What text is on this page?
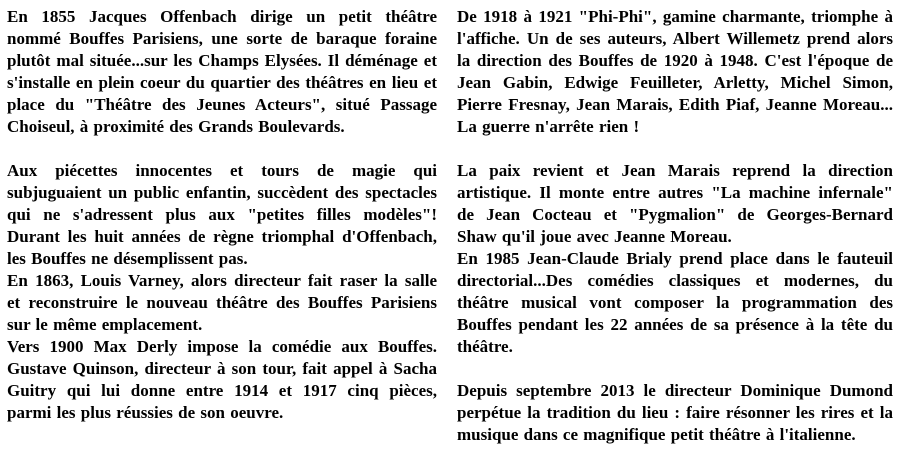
En 1855 Jacques Offenbach dirige un petit théâtre nommé Bouffes Parisiens, une sorte de baraque foraine plutôt mal située...sur les Champs Elysées. Il déménage et s'installe en plein coeur du quartier des théâtres en lieu et place du "Théâtre des Jeunes Acteurs", situé Passage Choiseul, à proximité des Grands Boulevards.

Aux piécettes innocentes et tours de magie qui subjuguaient un public enfantin, succèdent des spectacles qui ne s'adressent plus aux "petites filles modèles"! Durant les huit années de règne triomphal d'Offenbach, les Bouffes ne désemplissent pas.

En 1863, Louis Varney, alors directeur fait raser la salle et reconstruire le nouveau théâtre des Bouffes Parisiens sur le même emplacement.

Vers 1900 Max Derly impose la comédie aux Bouffes. Gustave Quinson, directeur à son tour, fait appel à Sacha Guitry qui lui donne entre 1914 et 1917 cinq pièces, parmi les plus réussies de son oeuvre.

De 1918 à 1921 "Phi-Phi", gamine charmante, triomphe à l'affiche. Un de ses auteurs, Albert Willemetz prend alors la direction des Bouffes de 1920 à 1948. C'est l'époque de Jean Gabin, Edwige Feuilleter, Arletty, Michel Simon, Pierre Fresnay, Jean Marais, Edith Piaf, Jeanne Moreau... La guerre n'arrête rien !

La paix revient et Jean Marais reprend la direction artistique. Il monte entre autres "La machine infernale" de Jean Cocteau et "Pygmalion" de Georges-Bernard Shaw qu'il joue avec Jeanne Moreau.

En 1985 Jean-Claude Brialy prend place dans le fauteuil directorial...Des comédies classiques et modernes, du théâtre musical vont composer la programmation des Bouffes pendant les 22 années de sa présence à la tête du théâtre.

Depuis septembre 2013 le directeur Dominique Dumond perpétue la tradition du lieu : faire résonner les rires et la musique dans ce magnifique petit théâtre à l'italienne.
